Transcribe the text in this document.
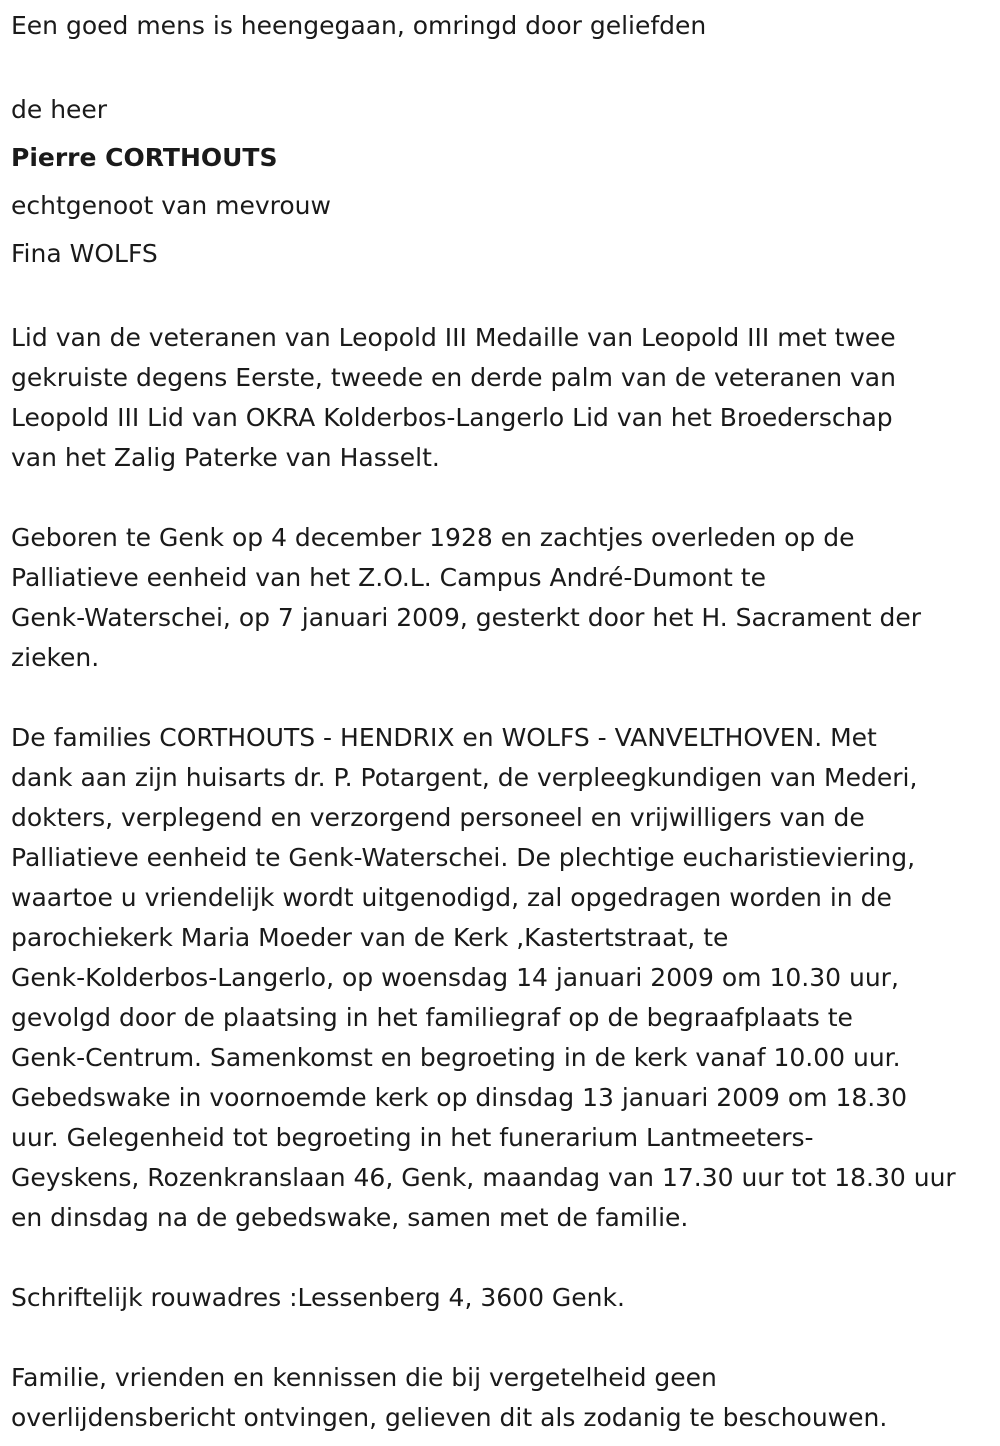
Een goed mens is heengegaan, omringd door geliefden
de heer
Pierre CORTHOUTS
echtgenoot van mevrouw
Fina WOLFS
Lid van de veteranen van Leopold III Medaille van Leopold III met twee
gekruiste degens Eerste, tweede en derde palm van de veteranen van
Leopold III Lid van OKRA Kolderbos-Langerlo Lid van het Broederschap
van het Zalig Paterke van Hasselt.
Geboren te Genk op 4 december 1928 en zachtjes overleden op de
Palliatieve eenheid van het Z.O.L. Campus André-Dumont te
Genk-Waterschei, op 7 januari 2009, gesterkt door het H. Sacrament der
zieken.
De families CORTHOUTS - HENDRIX en WOLFS - VANVELTHOVEN. Met
dank aan zijn huisarts dr. P. Potargent, de verpleegkundigen van Mederi,
dokters, verplegend en verzorgend personeel en vrijwilligers van de
Palliatieve eenheid te Genk-Waterschei. De plechtige eucharistieviering,
waartoe u vriendelijk wordt uitgenodigd, zal opgedragen worden in de
parochiekerk Maria Moeder van de Kerk ,Kastertstraat, te
Genk-Kolderbos-Langerlo, op woensdag 14 januari 2009 om 10.30 uur,
gevolgd door de plaatsing in het familiegraf op de begraafplaats te
Genk-Centrum. Samenkomst en begroeting in de kerk vanaf 10.00 uur.
Gebedswake in voornoemde kerk op dinsdag 13 januari 2009 om 18.30
uur. Gelegenheid tot begroeting in het funerarium Lantmeeters-
Geyskens, Rozenkranslaan 46, Genk, maandag van 17.30 uur tot 18.30 uur
en dinsdag na de gebedswake, samen met de familie.
Schriftelijk rouwadres :Lessenberg 4, 3600 Genk.
Familie, vrienden en kennissen die bij vergetelheid geen
overlijdensbericht ontvingen, gelieven dit als zodanig te beschouwen.
